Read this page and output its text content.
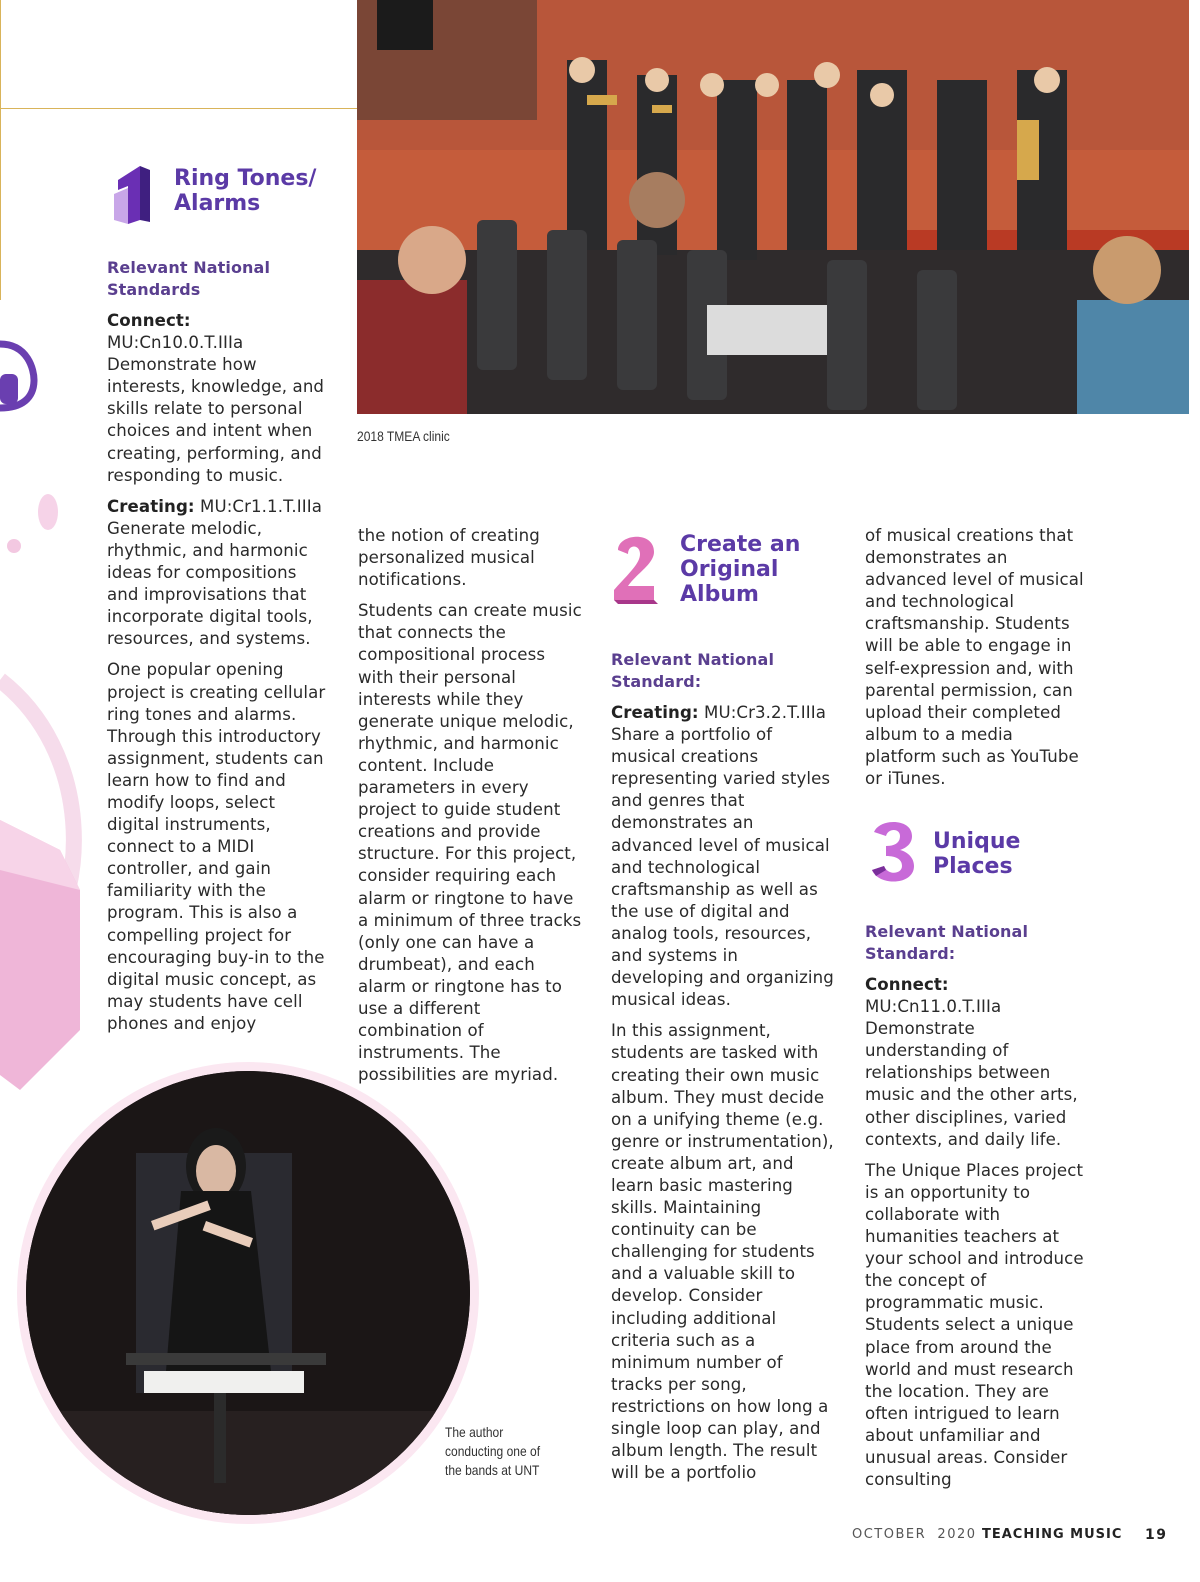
2018 TMEA clinic
The author
conducting one of
the bands at UNT
Ring Tones/
Alarms
Relevant National
Standards

Connect: MU:Cn10.0.T.IIIa Demonstrate how interests, knowledge, and skills relate to personal choices and intent when creating, performing, and responding to music.

Creating: MU:Cr1.1.T.IIIa Generate melodic, rhythmic, and harmonic ideas for compositions and improvisations that incorporate digital tools, resources, and systems.

One popular opening project is creating cellular ring tones and alarms. Through this introductory assignment, students can learn how to find and modify loops, select digital instruments, connect to a MIDI controller, and gain familiarity with the program. This is also a compelling project for encouraging buy-in to the digital music concept, as may students have cell phones and enjoy

the notion of creating personalized musical notifications.

Students can create music that connects the compositional process with their personal interests while they generate unique melodic, rhythmic, and harmonic content. Include parameters in every project to guide student creations and provide structure. For this project, consider requiring each alarm or ringtone to have a minimum of three tracks (only one can have a drumbeat), and each alarm or ringtone has to use a different combination of instruments. The possibilities are myriad.

Create an
Original
Album
Relevant National
Standard:

Creating: MU:Cr3.2.T.IIIa Share a portfolio of musical creations representing varied styles and genres that demonstrates an advanced level of musical and technological craftsmanship as well as the use of digital and analog tools, resources, and systems in developing and organizing musical ideas.

In this assignment, students are tasked with creating their own music album. They must decide on a unifying theme (e.g. genre or instrumentation), create album art, and learn basic mastering skills. Maintaining continuity can be challenging for students and a valuable skill to develop. Consider including additional criteria such as a minimum number of tracks per song, restrictions on how long a single loop can play, and album length. The result will be a portfolio

of musical creations that demonstrates an advanced level of musical and technological craftsmanship. Students will be able to engage in self-expression and, with parental permission, can upload their completed album to a media platform such as YouTube or iTunes.

Unique
Places
Relevant National
Standard:

Connect: MU:Cn11.0.T.IIIa Demonstrate understanding of relationships between music and the other arts, other disciplines, varied contexts, and daily life.

The Unique Places project is an opportunity to collaborate with humanities teachers at your school and introduce the concept of programmatic music. Students select a unique place from around the world and must research the location. They are often intrigued to learn about unfamiliar and unusual areas. Consider consulting

OCTOBER 2020 TEACHING MUSIC 19
